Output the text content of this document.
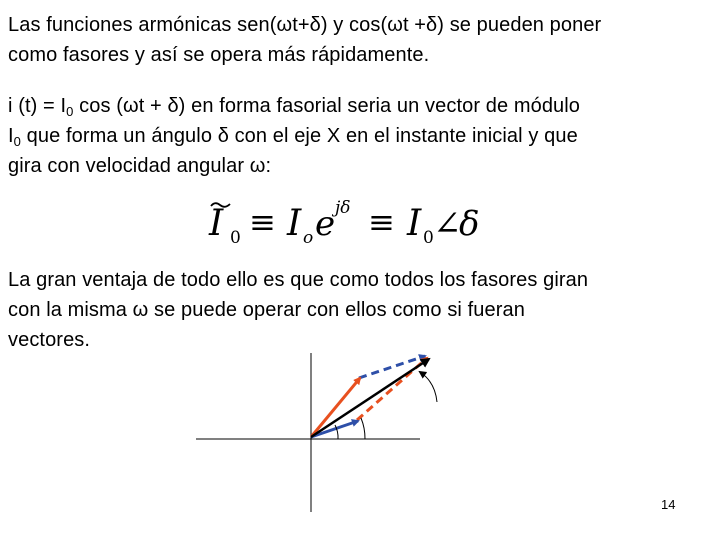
Las funciones armónicas sen(ωt+δ) y cos(ωt +δ) se pueden poner
como fasores y así se opera más rápidamente.
i $(t) = I_0$ cos (ωt + δ) en forma fasorial seria un vector de módulo
$I_0$ que forma un ángulo δ con el eje X en el instante inicial y que
gira con velocidad angular ω:
I 0 ≡ I o e jδ ≡ I 0 ∠
δ
La gran ventaja de todo ello es que como todos los fasores giran
con la misma ω se puede operar con ellos como si fueran
vectores.
14
